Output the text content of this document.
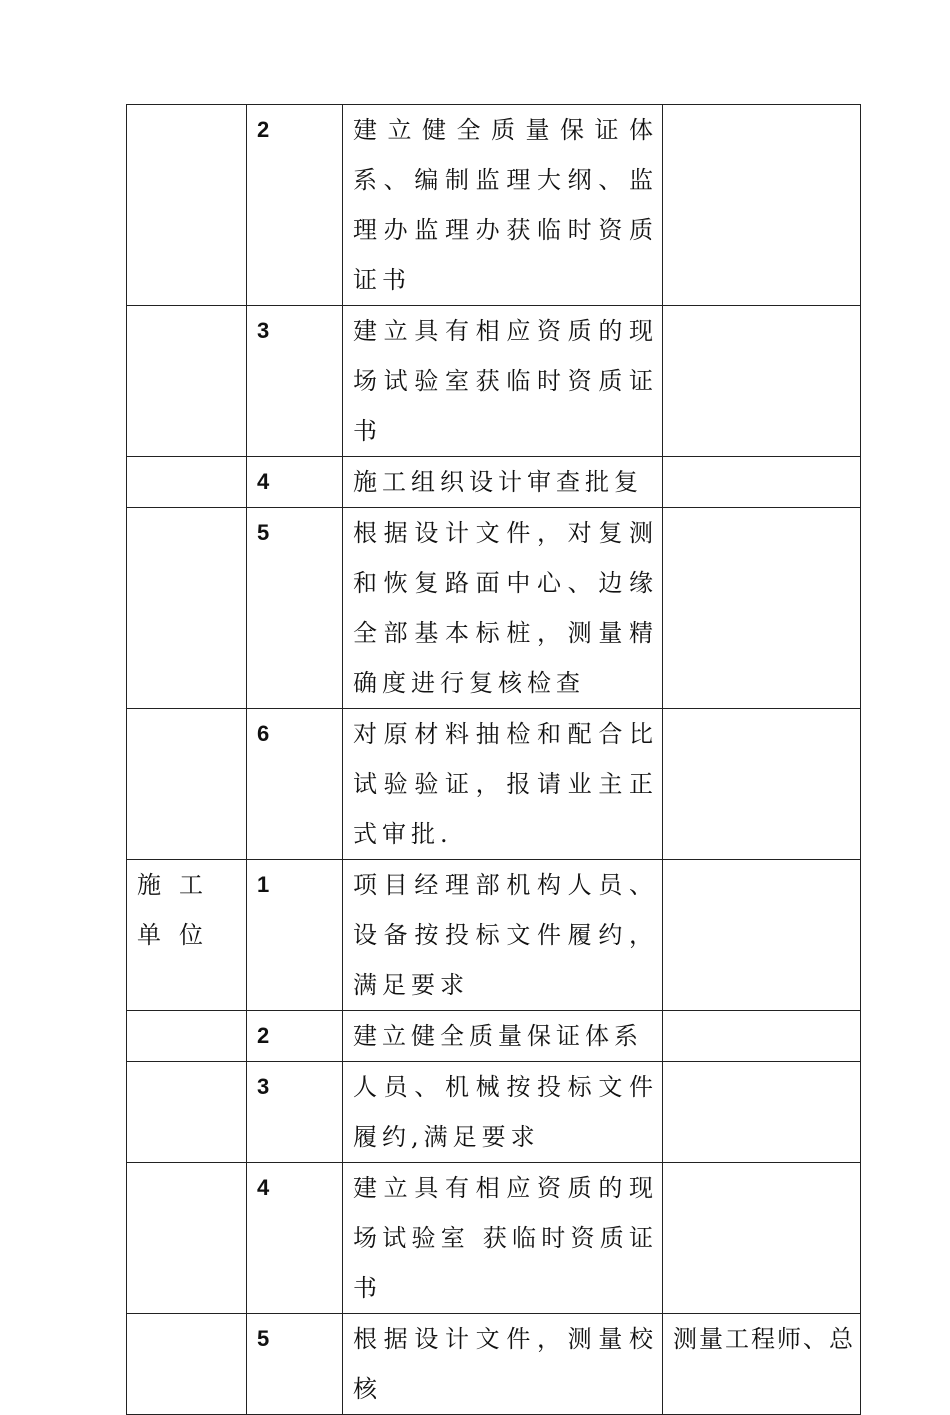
	2	建立健全质量保证体系、编制监理大纲、监理办监理办获临时资质证书	
	3	建立具有相应资质的现场试验室获临时资质证书	
	4	施工组织设计审查批复	
	5	根据设计文件，对复测和恢复路面中心、边缘全部基本标桩，测量精确度进行复核检查	
	6	对原材料抽检和配合比试验验证，报请业主正式审批.	
施工单位	1	项目经理部机构人员、设备按投标文件履约，满足要求	
	2	建立健全质量保证体系	
	3	人员、机械按投标文件履约,满足要求	
	4	建立具有相应资质的现场试验室 获临时资质证书	
	5	根据设计文件，测量校核	测量工程师、总
